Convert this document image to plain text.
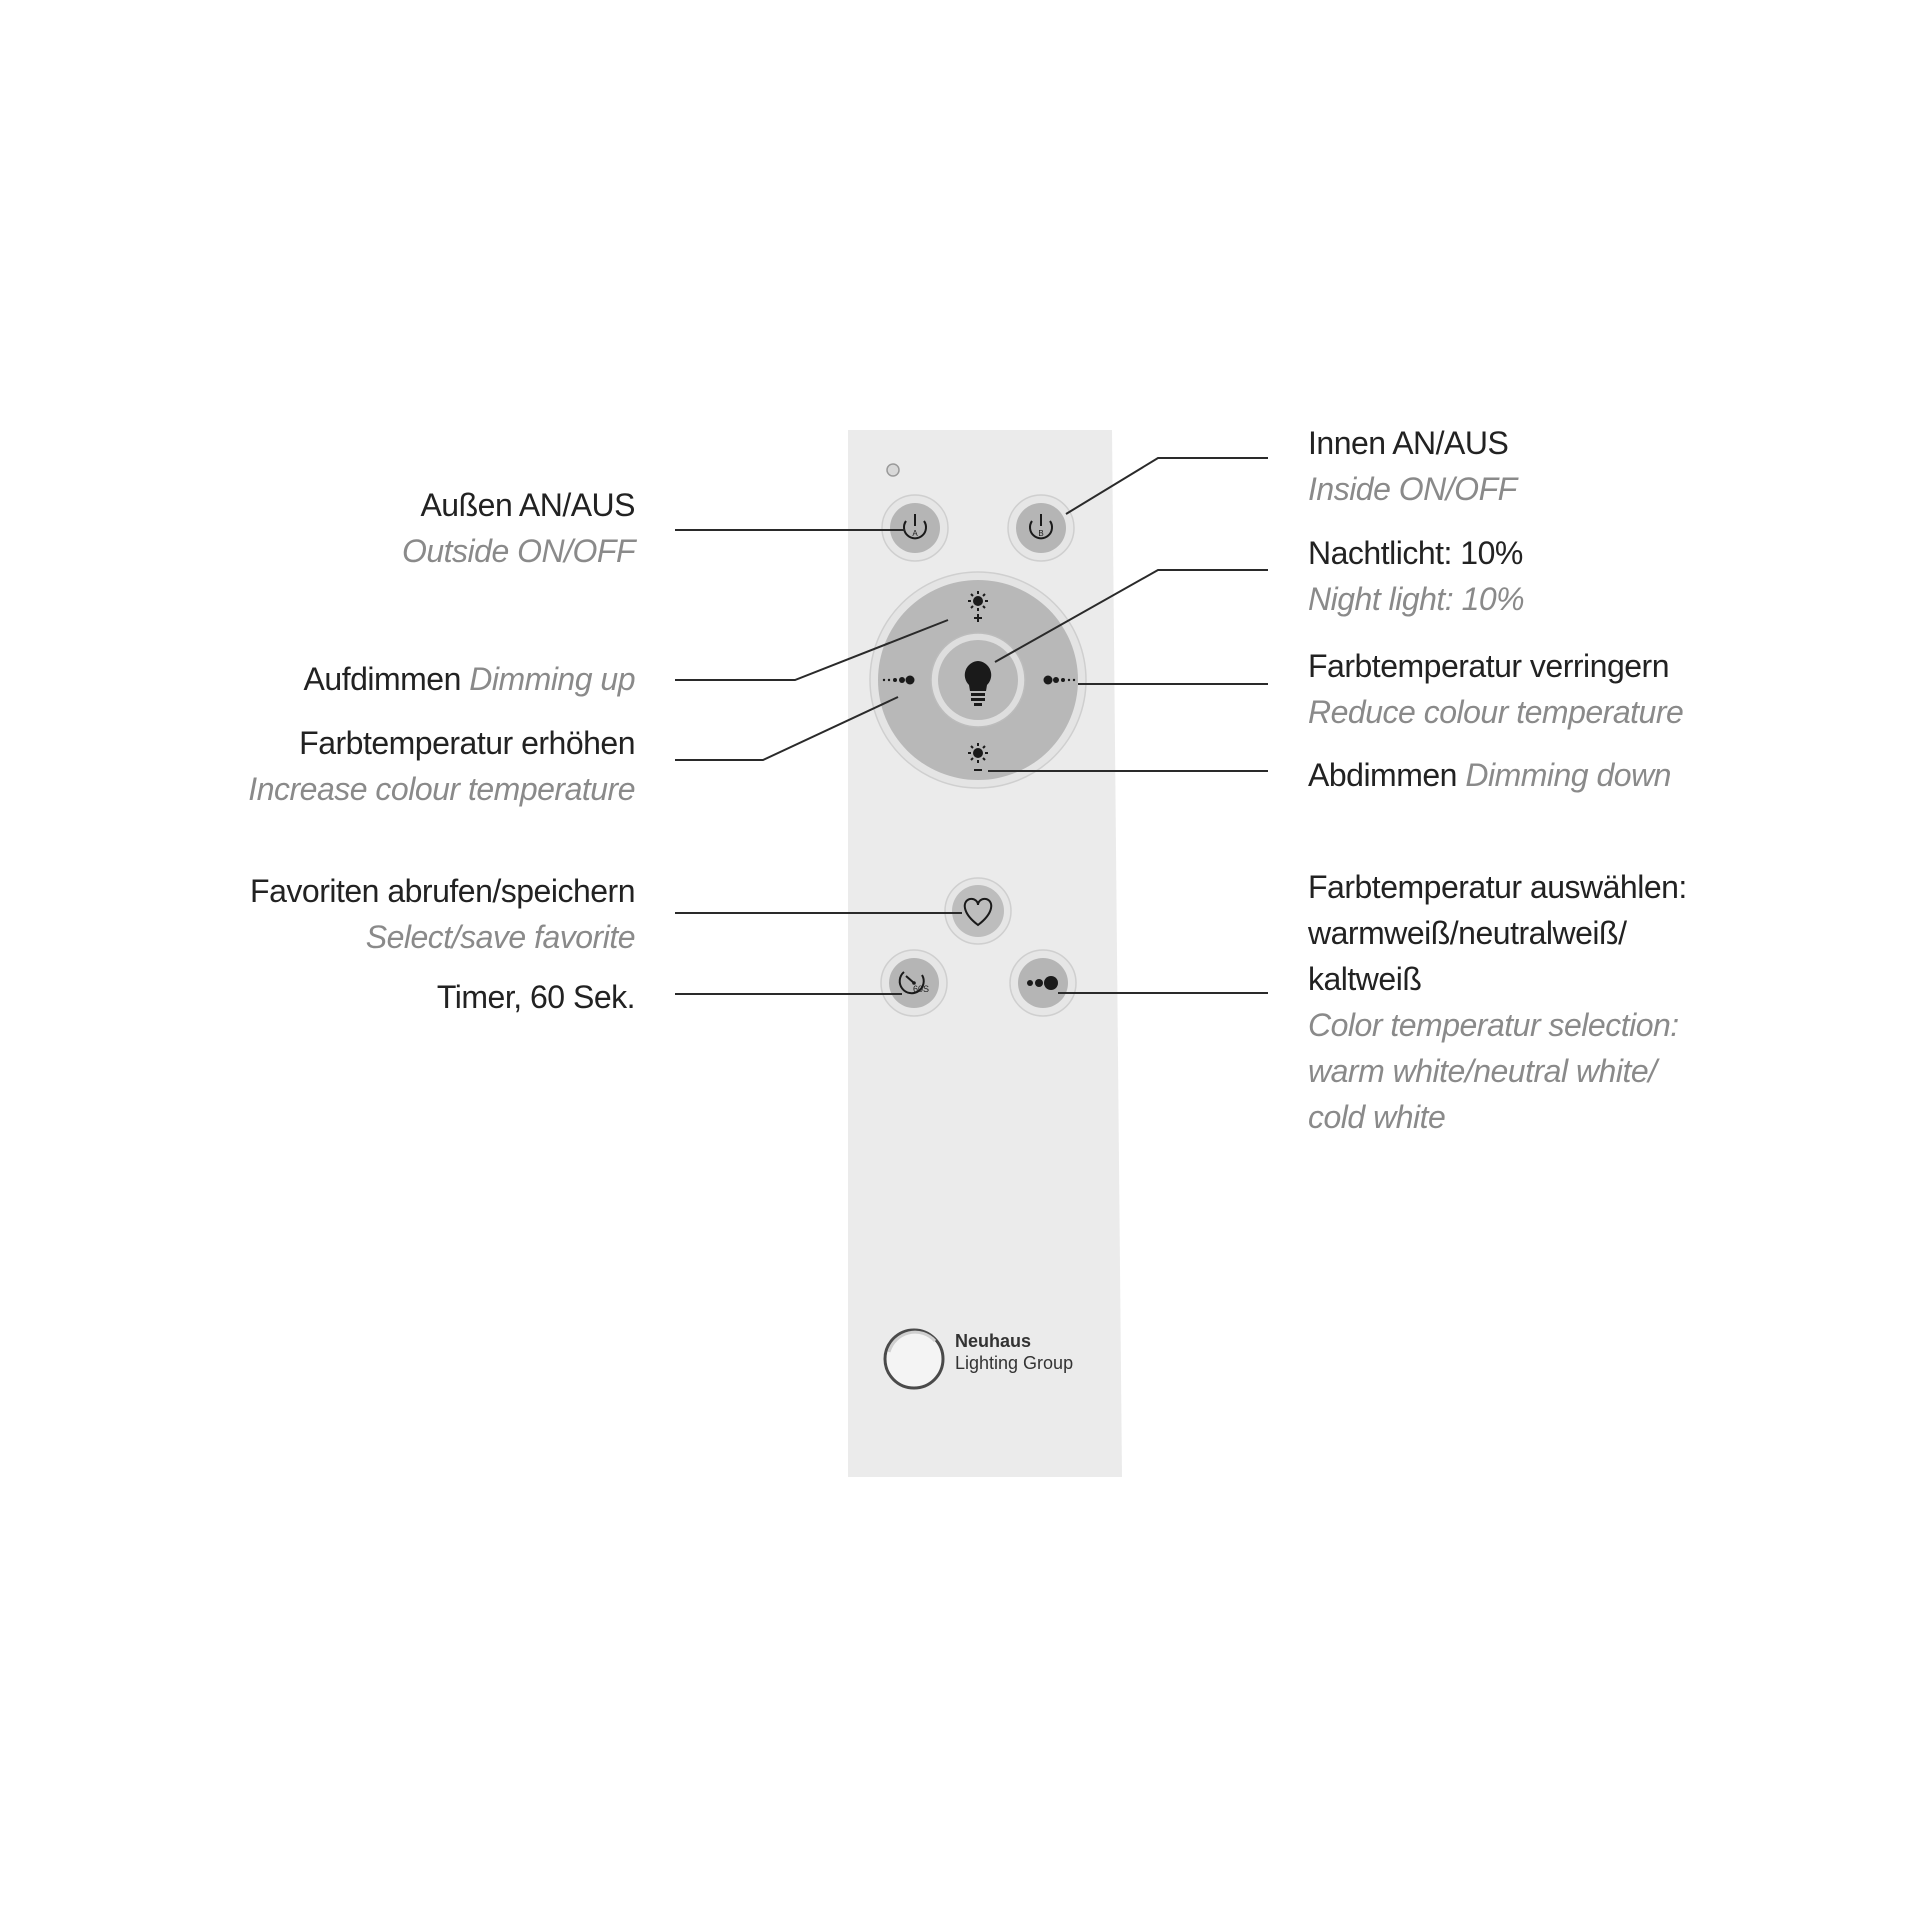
A	B
60S
Neuhaus
Lighting Group
Außen AN/AUS
Outside ON/OFF
Aufdimmen Dimming up
Farbtemperatur erhöhen
Increase colour temperature
Favoriten abrufen/speichern
Select/save favorite
Timer, 60 Sek.
Innen AN/AUS
Inside ON/OFF
Nachtlicht: 10%
Night light: 10%
Farbtemperatur verringern
Reduce colour temperature
Abdimmen Dimming down
Farbtemperatur auswählen:
warmweiß/neutralweiß/
kaltweiß
Color temperatur selection:
warm white/neutral white/
cold white
